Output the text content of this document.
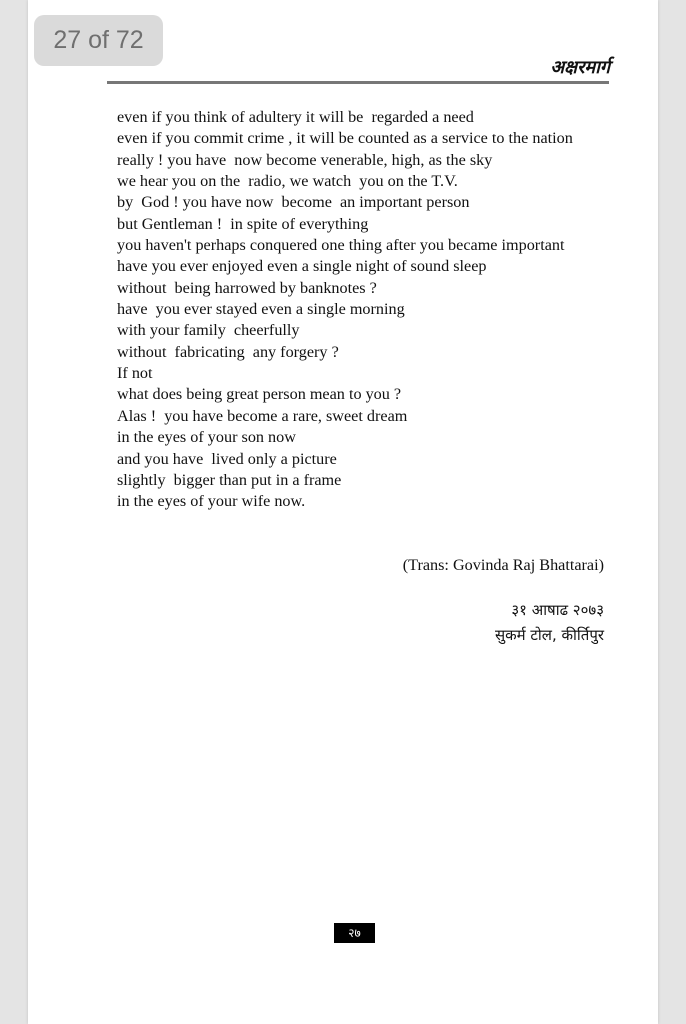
27 of 72
अक्षरमार्ग
even if you think of adultery it will be  regarded a need
even if you commit crime , it will be counted as a service to the nation
really ! you have  now become venerable, high, as the sky
we hear you on the  radio, we watch  you on the T.V.
by  God ! you have now  become  an important person
but Gentleman !  in spite of everything
you haven't perhaps conquered one thing after you became important
have you ever enjoyed even a single night of sound sleep
without  being harrowed by banknotes ?
have  you ever stayed even a single morning
with your family  cheerfully
without  fabricating  any forgery ?
If not
what does being great person mean to you ?
Alas !  you have become a rare, sweet dream
in the eyes of your son now
and you have  lived only a picture
slightly  bigger than put in a frame
in the eyes of your wife now.
(Trans: Govinda Raj Bhattarai)
३१ आषाढ २०७३
सुकर्म टोल, कीर्तिपुर
२७
